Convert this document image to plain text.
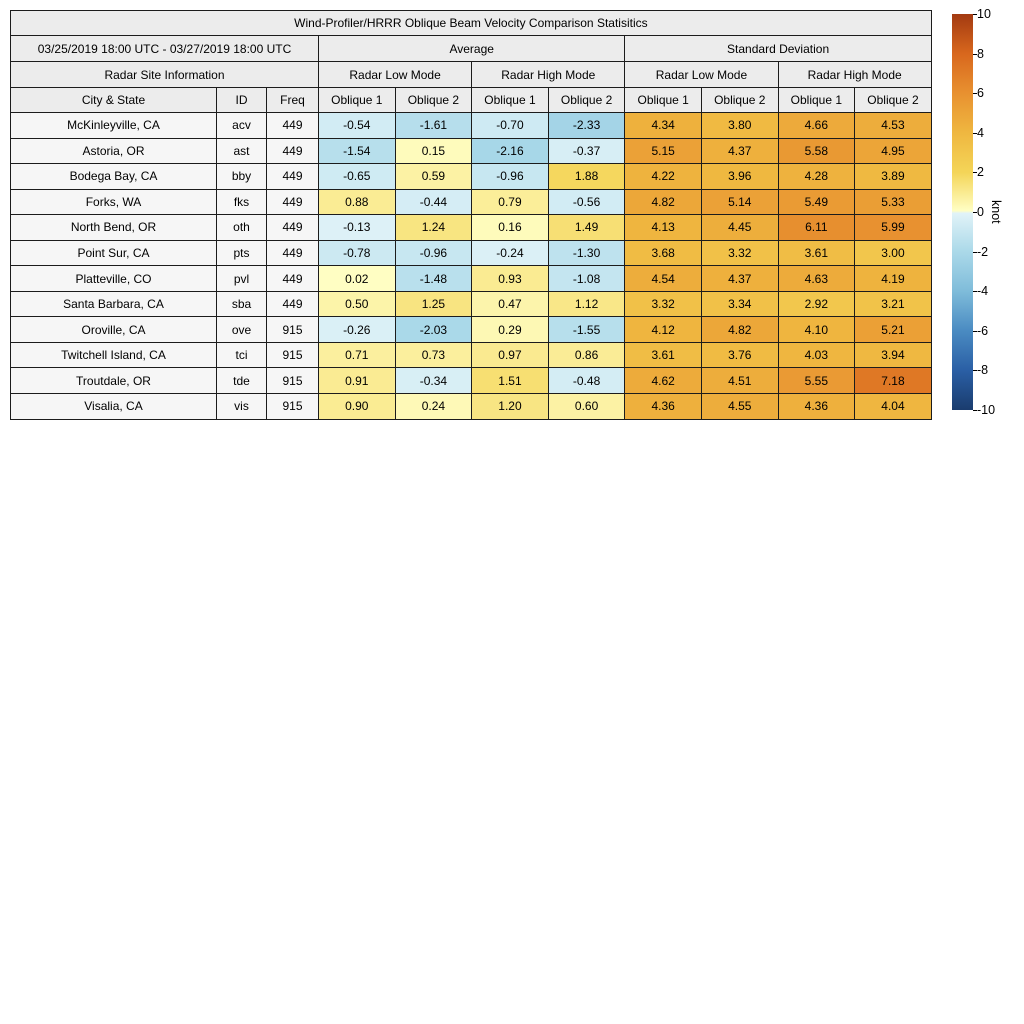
Wind-Profiler/HRRR Oblique Beam Velocity Comparison Statisitics										
03/25/2019 18:00 UTC - 03/27/2019 18:00 UTC			Average				Standard Deviation			
Radar Site Information			Radar Low Mode		Radar High Mode		Radar Low Mode		Radar High Mode	
City & State	ID	Freq	Oblique 1	Oblique 2	Oblique 1	Oblique 2	Oblique 1	Oblique 2	Oblique 1	Oblique 2
McKinleyville, CA	acv	449	-0.54	-1.61	-0.70	-2.33	4.34	3.80	4.66	4.53
Astoria, OR	ast	449	-1.54	0.15	-2.16	-0.37	5.15	4.37	5.58	4.95
Bodega Bay, CA	bby	449	-0.65	0.59	-0.96	1.88	4.22	3.96	4.28	3.89
Forks, WA	fks	449	0.88	-0.44	0.79	-0.56	4.82	5.14	5.49	5.33
North Bend, OR	oth	449	-0.13	1.24	0.16	1.49	4.13	4.45	6.11	5.99
Point Sur, CA	pts	449	-0.78	-0.96	-0.24	-1.30	3.68	3.32	3.61	3.00
Platteville, CO	pvl	449	0.02	-1.48	0.93	-1.08	4.54	4.37	4.63	4.19
Santa Barbara, CA	sba	449	0.50	1.25	0.47	1.12	3.32	3.34	2.92	3.21
Oroville, CA	ove	915	-0.26	-2.03	0.29	-1.55	4.12	4.82	4.10	5.21
Twitchell Island, CA	tci	915	0.71	0.73	0.97	0.86	3.61	3.76	4.03	3.94
Troutdale, OR	tde	915	0.91	-0.34	1.51	-0.48	4.62	4.51	5.55	7.18
Visalia, CA	vis	915	0.90	0.24	1.20	0.60	4.36	4.55	4.36	4.04
10
8
6
4
2
0
-2
-4
-6
-8
-10
knot
